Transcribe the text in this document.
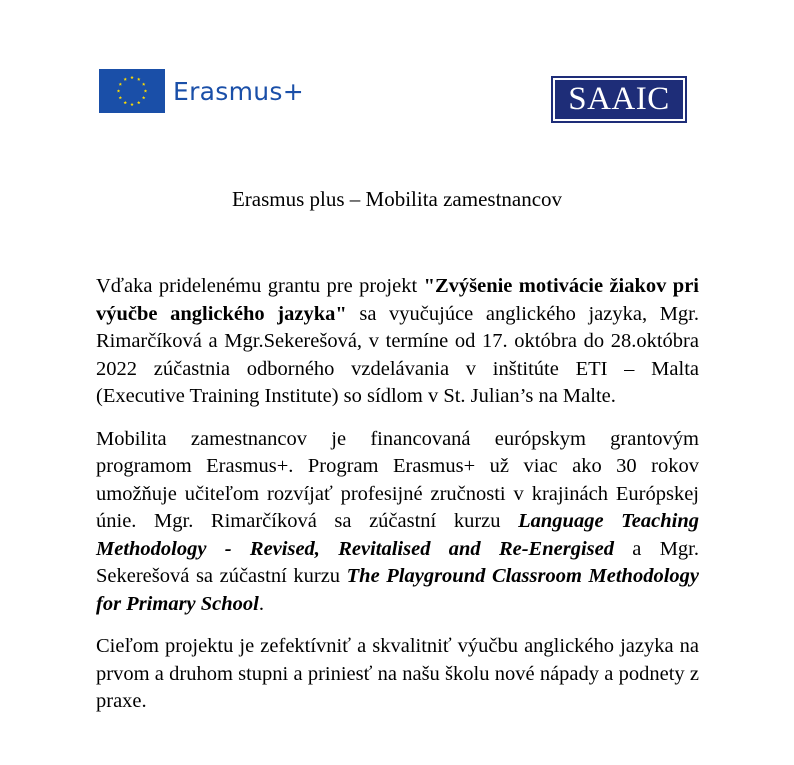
Erasmus+	SAAIC
Erasmus plus – Mobilita zamestnancov

Vďaka pridelenému grantu pre projekt "Zvýšenie motivácie žiakov pri výučbe anglického jazyka" sa vyučujúce anglického jazyka, Mgr. Rimarčíková a Mgr.Sekerešová, v termíne od 17. októbra do 28.októbra 2022 zúčastnia odborného vzdelávania v inštitúte ETI – Malta (Executive Training Institute) so sídlom v St. Julian’s na Malte.

Mobilita zamestnancov je financovaná európskym grantovým programom Erasmus+. Program Erasmus+ už viac ako 30 rokov umožňuje učiteľom rozvíjať profesijné zručnosti v krajinách Európskej únie. Mgr. Rimarčíková sa zúčastní kurzu Language Teaching Methodology - Revised, Revitalised and Re-Energised a Mgr. Sekerešová sa zúčastní kurzu The Playground Classroom Methodology for Primary School.

Cieľom projektu je zefektívniť a skvalitniť výučbu anglického jazyka na prvom a druhom stupni a priniesť na našu školu nové nápady a podnety z praxe.
